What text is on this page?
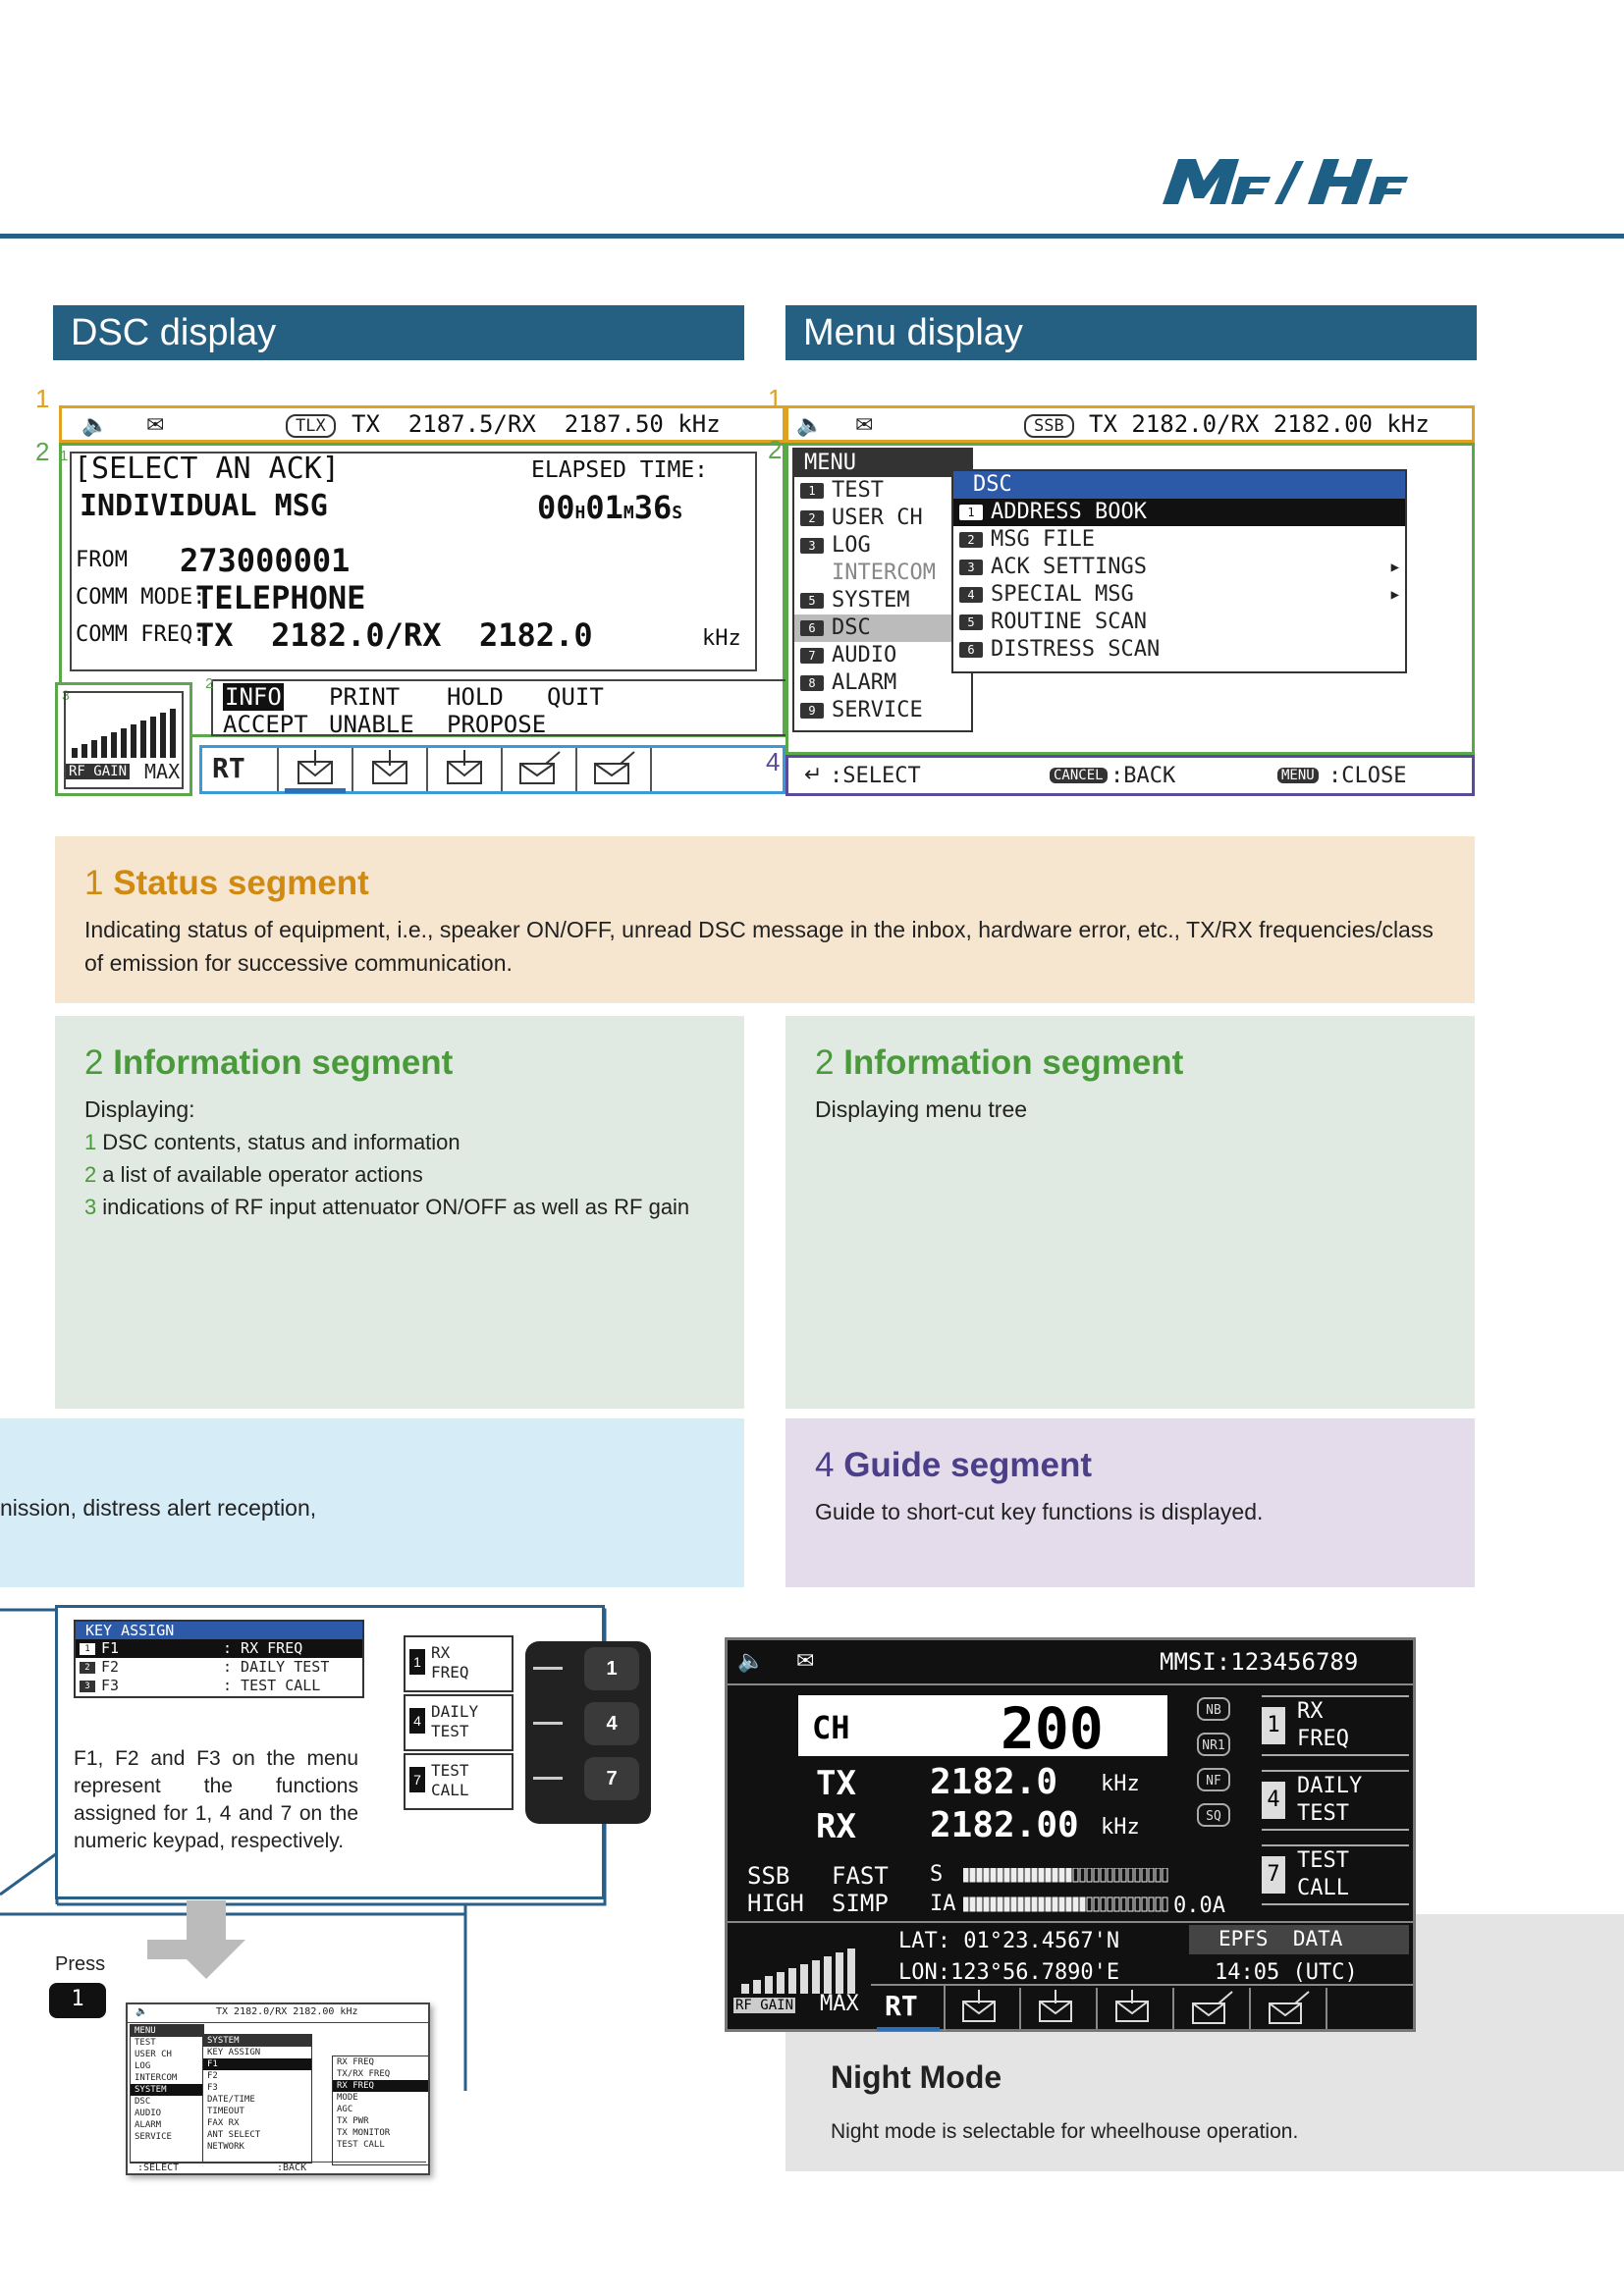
DSC display	Menu display
1
2
🔈 ✉	TLX	TX  2187.5/RX  2187.50 kHz
1 [SELECT AN ACK]
INDIVIDUAL MSG
ELAPSED TIME:
00H01M36S
FROM 273000001
COMM MODE:
TELEPHONE
COMM FREQ:
TX  2182.0/RX  2182.0	kHz
2 INFO PRINT HOLD QUIT
ACCEPT UNABLE PROPOSE
3
RF GAIN MAX RT
1
2
4
🔈 ✉	SSB	TX 2182.0/RX 2182.00 kHz
MENU
1 TEST
2 USER CH
3 LOG
INTERCOM
5 SYSTEM
6 DSC
7 AUDIO
8 ALARM
9 SERVICE
DSC
1 ADDRESS BOOK
2 MSG FILE
3 ACK SETTINGS	▶
4 SPECIAL MSG	▶
5 ROUTINE SCAN
6 DISTRESS SCAN
↵ :SELECT	CANCEL :BACK	MENU :CLOSE
1 Status segment

Indicating status of equipment, i.e., speaker ON/OFF, unread DSC message in the inbox, hardware error, etc., TX/RX frequencies/class of emission for successive communication.

2 Information segment

Displaying:

1 DSC contents, status and information

2 a list of available operator actions

3 indications of RF input attenuator ON/OFF as well as RF gain

2 Information segment

Displaying menu tree

nission, distress alert reception,

4 Guide segment

Guide to short-cut key functions is displayed.

KEY ASSIGN
1 F1	: RX FREQ
2 F2	: DAILY TEST
3 F3	: TEST CALL

F1, F2 and F3 on the menu represent the functions assigned for 1, 4 and 7 on the numeric keypad, respectively.

1 RX
FREQ
4 DAILY
TEST
7 TEST
CALL
1
4
7
Press
1
🔈	TX 2182.0/RX 2182.00 kHz
MENU
TEST
USER CH
LOG
INTERCOM
SYSTEM
DSC
AUDIO
ALARM
SERVICE
SYSTEM
KEY ASSIGN
F1
F2
F3
DATE/TIME
TIMEOUT
FAX RX
ANT SELECT
NETWORK
RX FREQ
TX/RX FREQ
RX FREQ
MODE
AGC
TX PWR
TX MONITOR
TEST CALL
:SELECT	:BACK
Night Mode

Night mode is selectable for wheelhouse operation.

🔈 ✉	MMSI:123456789
CH	200
TX 2182.0 kHz
RX 2182.00 kHz
NB
NR1
NF
SQ
1
RX
FREQ
4
DAILY
TEST
7
TEST
CALL
SSB FAST
HIGH SIMP
S
IA	0.0A
LAT: 01°23.4567'N
LON:123°56.7890'E
EPFS  DATA
14:05 (UTC)
RF GAIN MAX RT
